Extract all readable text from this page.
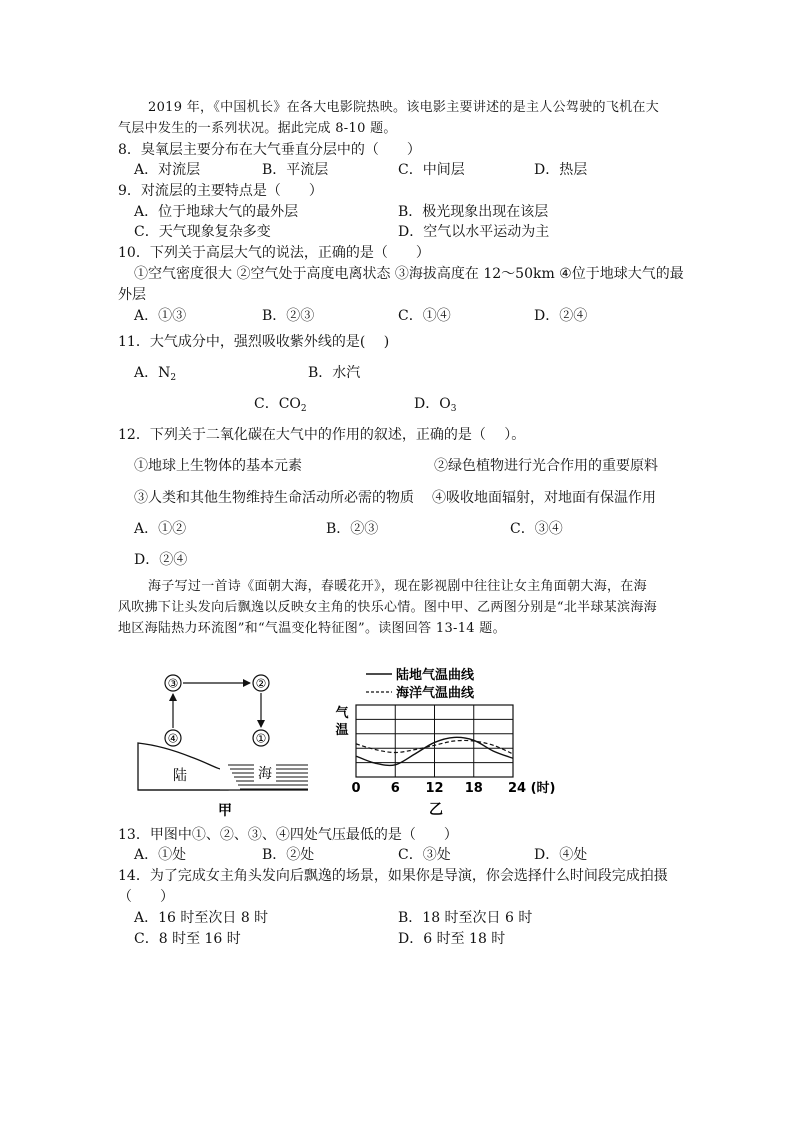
2019 年，《中国机长》在各大电影院热映。该电影主要讲述的是主人公驾驶的飞机在大
气层中发生的一系列状况。据此完成 8-10 题。
8．臭氧层主要分布在大气垂直分层中的（　　）
A．对流层	B．平流层	C．中间层	D．热层
9．对流层的主要特点是（　　）
A．位于地球大气的最外层	B．极光现象出现在该层
C．天气现象复杂多变	D．空气以水平运动为主
10．下列关于高层大气的说法，正确的是（　　）
①空气密度很大 ②空气处于高度电离状态 ③海拔高度在 12～50km ④位于地球大气的最
外层
A．①③	B．②③	C．①④	D．②④
11．大气成分中，强烈吸收紫外线的是(　 )
A．$N_2$	B．水汽
C．$CO_2$	D．$O_3$
12．下列关于二氧化碳在大气中的作用的叙述，正确的是（　 ）。
①地球上生物体的基本元素	②绿色植物进行光合作用的重要原料
③人类和其他生物维持生命活动所必需的物质 ④吸收地面辐射，对地面有保温作用
A．①②	B．②③	C．③④
D．②④
海子写过一首诗《面朝大海，春暖花开》，现在影视剧中往往让女主角面朝大海，在海
风吹拂下让头发向后飘逸以反映女主角的快乐心情。图中甲、乙两图分别是“北半球某滨海海
地区海陆热力环流图”和“气温变化特征图”。读图回答 13-14 题。
③	②
④	①
陆	海
甲
陆地气温曲线
海洋气温曲线
气
温
0 6 12 18 24 (时)
乙
13．甲图中①、②、③、④四处气压最低的是（　　）
A．①处	B．②处	C．③处	D．④处
14．为了完成女主角头发向后飘逸的场景，如果你是导演，你会选择什么时间段完成拍摄
（　　）
A．16 时至次日 8 时	B．18 时至次日 6 时
C．8 时至 16 时	D．6 时至 18 时
